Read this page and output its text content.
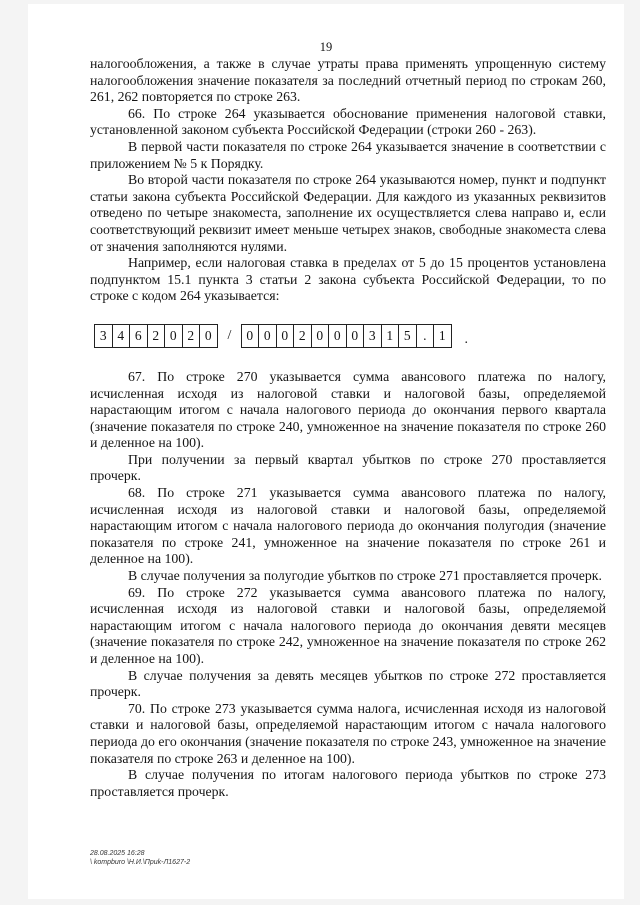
19

налогообложения, а также в случае утраты права применять упрощенную систему налогообложения значение показателя за последний отчетный период по строкам 260, 261, 262 повторяется по строке 263.

66. По строке 264 указывается обоснование применения налоговой ставки, установленной законом субъекта Российской Федерации (строки 260 - 263).

В первой части показателя по строке 264 указывается значение в соответствии с приложением № 5 к Порядку.

Во второй части показателя по строке 264 указываются номер, пункт и подпункт статьи закона субъекта Российской Федерации. Для каждого из указанных реквизитов отведено по четыре знакоместа, заполнение их осуществляется слева направо и, если соответствующий реквизит имеет меньше четырех знаков, свободные знакоместа слева от значения заполняются нулями.

Например, если налоговая ставка в пределах от 5 до 15 процентов установлена подпунктом 15.1 пункта 3 статьи 2 закона субъекта Российской Федерации, то по строке с кодом 264 указывается:

3 4 6 2 0 2 0	/	0 0 0 2 0 0 0 3 1 5 . 1	.

67. По строке 270 указывается сумма авансового платежа по налогу, исчисленная исходя из налоговой ставки и налоговой базы, определяемой нарастающим итогом с начала налогового периода до окончания первого квартала (значение показателя по строке 240, умноженное на значение показателя по строке 260 и деленное на 100).

При получении за первый квартал убытков по строке 270 проставляется прочерк.

68. По строке 271 указывается сумма авансового платежа по налогу, исчисленная исходя из налоговой ставки и налоговой базы, определяемой нарастающим итогом с начала налогового периода до окончания полугодия (значение показателя по строке 241, умноженное на значение показателя по строке 261 и деленное на 100).

В случае получения за полугодие убытков по строке 271 проставляется прочерк.

69. По строке 272 указывается сумма авансового платежа по налогу, исчисленная исходя из налоговой ставки и налоговой базы, определяемой нарастающим итогом с начала налогового периода до окончания девяти месяцев (значение показателя по строке 242, умноженное на значение показателя по строке 262 и деленное на 100).

В случае получения за девять месяцев убытков по строке 272 проставляется прочерк.

70. По строке 273 указывается сумма налога, исчисленная исходя из налоговой ставки и налоговой базы, определяемой нарастающим итогом с начала налогового периода до его окончания (значение показателя по строке 243, умноженное на значение показателя по строке 263 и деленное на 100).

В случае получения по итогам налогового периода убытков по строке 273 проставляется прочерк.

28.08.2025 16:28
\ kompburo \Н.И.\Приk-Л1627-2
